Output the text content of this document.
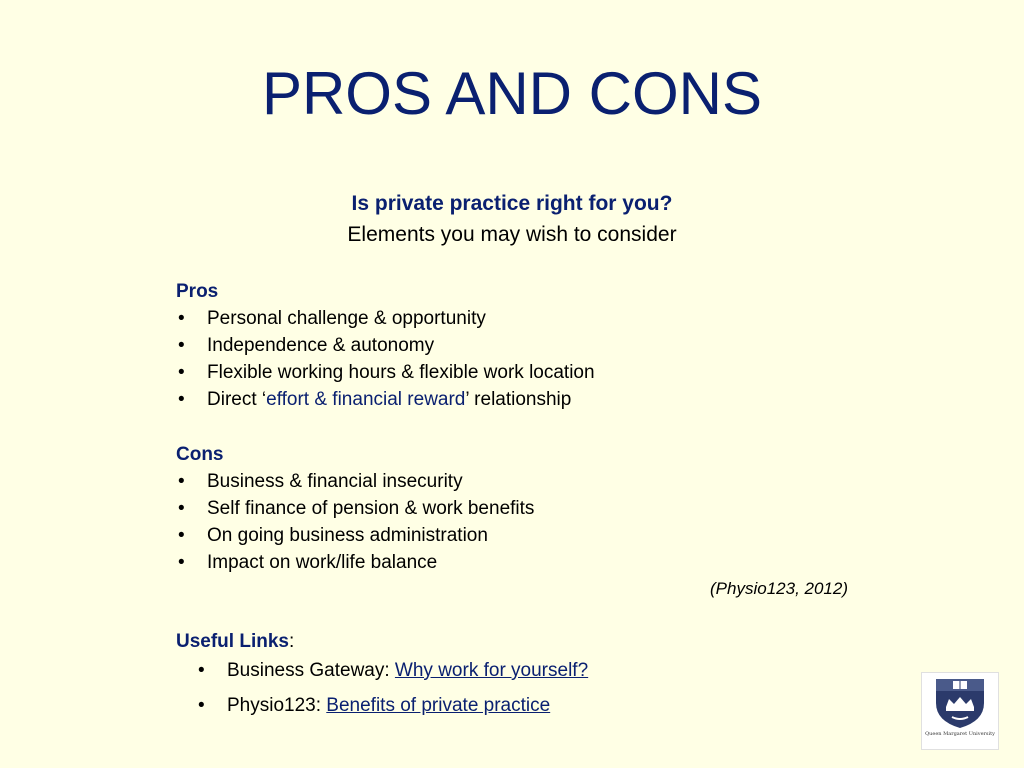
PROS AND CONS
Is private practice right for you?
Elements you may wish to consider
Pros
• Personal challenge & opportunity
• Independence & autonomy
• Flexible working hours & flexible work location
• Direct ‘effort & financial reward’ relationship
Cons
• Business & financial insecurity
• Self finance of pension & work benefits
• On going business administration
• Impact on work/life balance
(Physio123, 2012)
Useful Links:
• Business Gateway: Why work for yourself?
• Physio123: Benefits of private practice
Queen Margaret University
